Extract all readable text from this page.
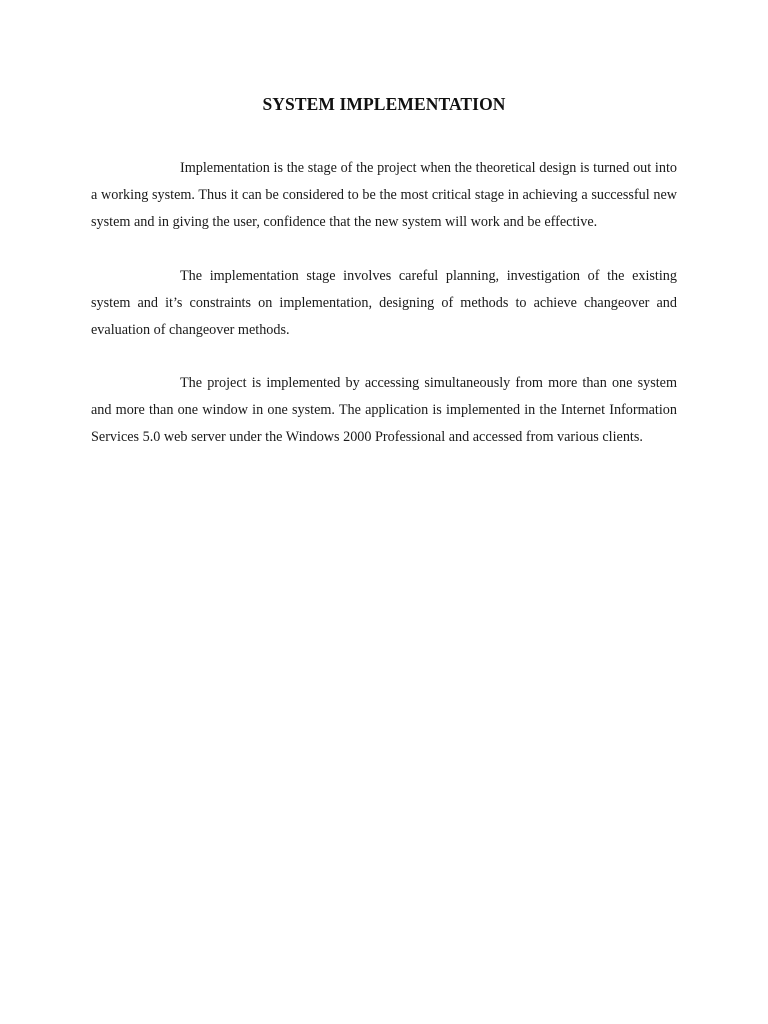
SYSTEM IMPLEMENTATION

Implementation is the stage of the project when the theoretical design is turned out into a working system. Thus it can be considered to be the most critical stage in achieving a successful new system and in giving the user, confidence that the new system will work and be effective.

The implementation stage involves careful planning, investigation of the existing system and it’s constraints on implementation, designing of methods to achieve changeover and evaluation of changeover methods.

The project is implemented by accessing simultaneously from more than one system and more than one window in one system. The application is implemented in the Internet Information Services 5.0 web server under the Windows 2000 Professional and accessed from various clients.
